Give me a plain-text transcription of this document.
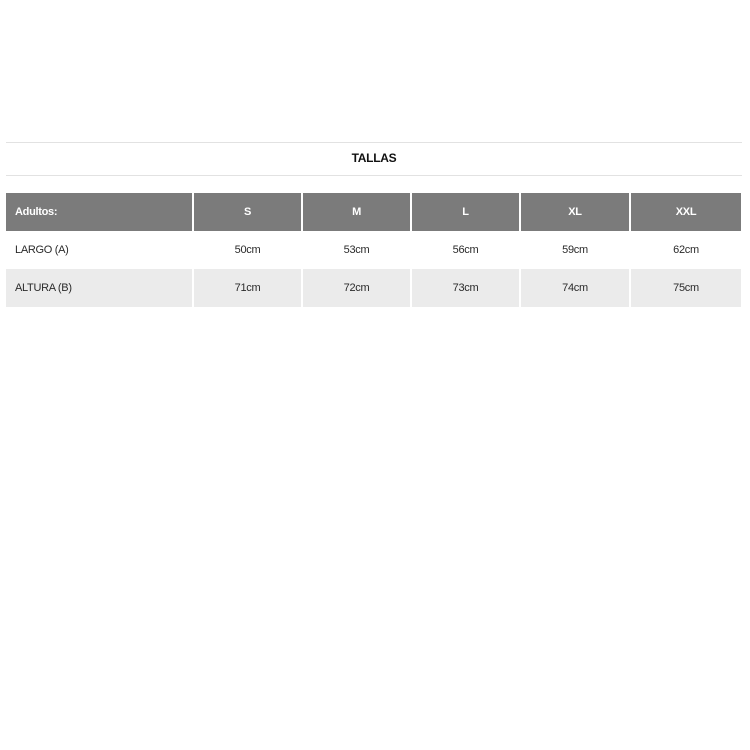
TALLAS
Adultos:	S	M	L	XL	XXL
LARGO (A)	50cm	53cm	56cm	59cm	62cm
ALTURA (B)	71cm	72cm	73cm	74cm	75cm
